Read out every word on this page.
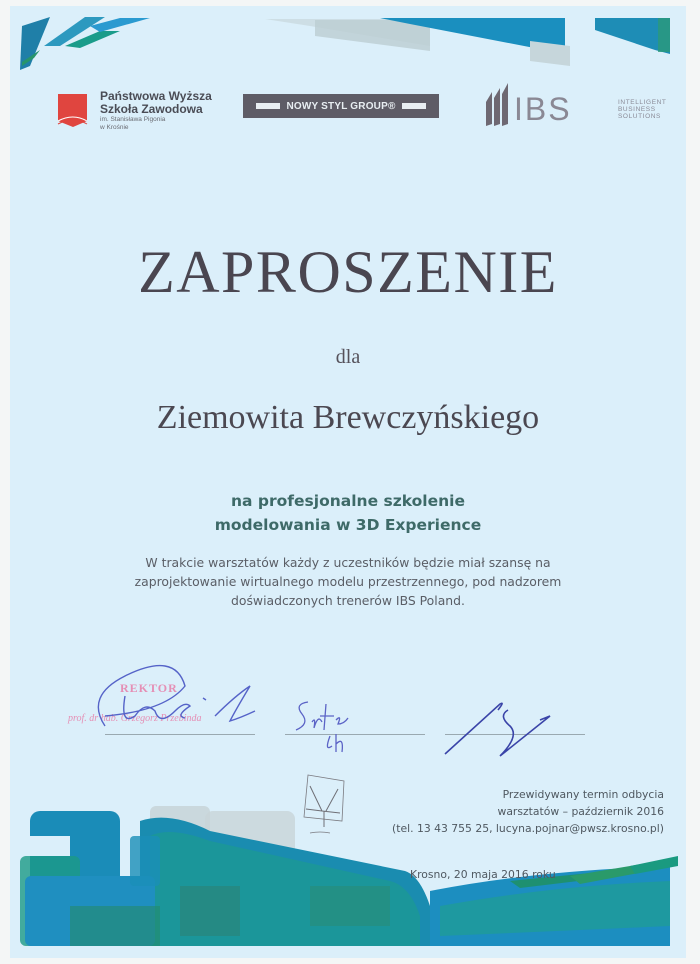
Państwowa Wyższa
Szkoła Zawodowa
im. Stanisława Pigonia
w Krośnie
NOWY STYL GROUP®	IBS	INTELLIGENT
BUSINESS
SOLUTIONS
ZAPROSZENIE
dla
Ziemowita Brewczyńskiego
na profesjonalne szkolenie
modelowania w 3D Experience
W trakcie warsztatów każdy z uczestników będzie miał szansę na
zaprojektowanie wirtualnego modelu przestrzennego, pod nadzorem
doświadczonych trenerów IBS Poland.
REKTOR
prof. dr hab. Grzegorz Przebinda
Przewidywany termin odbycia
warsztatów – październik 2016
(tel. 13 43 755 25, lucyna.pojnar@pwsz.krosno.pl)
Krosno, 20 maja 2016 roku
